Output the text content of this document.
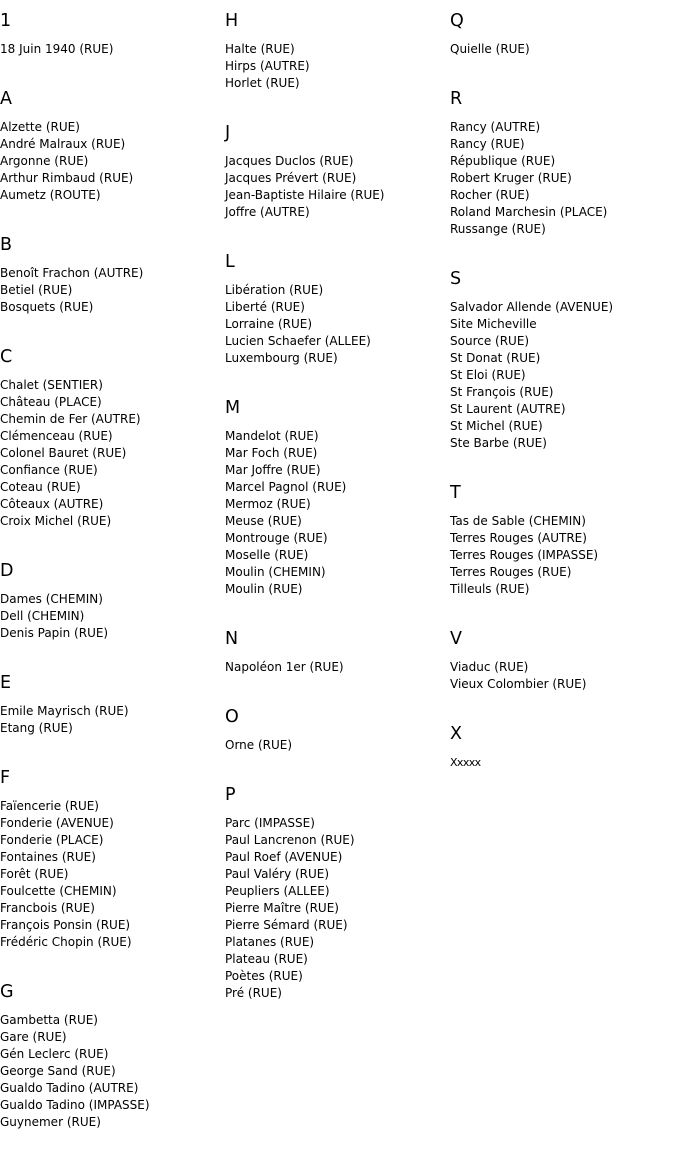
1
18 Juin 1940 (RUE)
A
Alzette (RUE)
André Malraux (RUE)
Argonne (RUE)
Arthur Rimbaud (RUE)
Aumetz (ROUTE)
B
Benoît Frachon (AUTRE)
Betiel (RUE)
Bosquets (RUE)
C
Chalet (SENTIER)
Château (PLACE)
Chemin de Fer (AUTRE)
Clémenceau (RUE)
Colonel Bauret (RUE)
Confiance (RUE)
Coteau (RUE)
Côteaux (AUTRE)
Croix Michel (RUE)
D
Dames (CHEMIN)
Dell (CHEMIN)
Denis Papin (RUE)
E
Emile Mayrisch (RUE)
Etang (RUE)
F
Faïencerie (RUE)
Fonderie (AVENUE)
Fonderie (PLACE)
Fontaines (RUE)
Forêt (RUE)
Foulcette (CHEMIN)
Francbois (RUE)
François Ponsin (RUE)
Frédéric Chopin (RUE)
G
Gambetta (RUE)
Gare (RUE)
Gén Leclerc (RUE)
George Sand (RUE)
Gualdo Tadino (AUTRE)
Gualdo Tadino (IMPASSE)
Guynemer (RUE)
H
Halte (RUE)
Hirps (AUTRE)
Horlet (RUE)
J
Jacques Duclos (RUE)
Jacques Prévert (RUE)
Jean-Baptiste Hilaire (RUE)
Joffre (AUTRE)
L
Libération (RUE)
Liberté (RUE)
Lorraine (RUE)
Lucien Schaefer (ALLEE)
Luxembourg (RUE)
M
Mandelot (RUE)
Mar Foch (RUE)
Mar Joffre (RUE)
Marcel Pagnol (RUE)
Mermoz (RUE)
Meuse (RUE)
Montrouge (RUE)
Moselle (RUE)
Moulin (CHEMIN)
Moulin (RUE)
N
Napoléon 1er (RUE)
O
Orne (RUE)
P
Parc (IMPASSE)
Paul Lancrenon (RUE)
Paul Roef (AVENUE)
Paul Valéry (RUE)
Peupliers (ALLEE)
Pierre Maître (RUE)
Pierre Sémard (RUE)
Platanes (RUE)
Plateau (RUE)
Poètes (RUE)
Pré (RUE)
Q
Quielle (RUE)
R
Rancy (AUTRE)
Rancy (RUE)
République (RUE)
Robert Kruger (RUE)
Rocher (RUE)
Roland Marchesin (PLACE)
Russange (RUE)
S
Salvador Allende (AVENUE)
Site Micheville
Source (RUE)
St Donat (RUE)
St Eloi (RUE)
St François (RUE)
St Laurent (AUTRE)
St Michel (RUE)
Ste Barbe (RUE)
T
Tas de Sable (CHEMIN)
Terres Rouges (AUTRE)
Terres Rouges (IMPASSE)
Terres Rouges (RUE)
Tilleuls (RUE)
V
Viaduc (RUE)
Vieux Colombier (RUE)
X
Xxxxx
